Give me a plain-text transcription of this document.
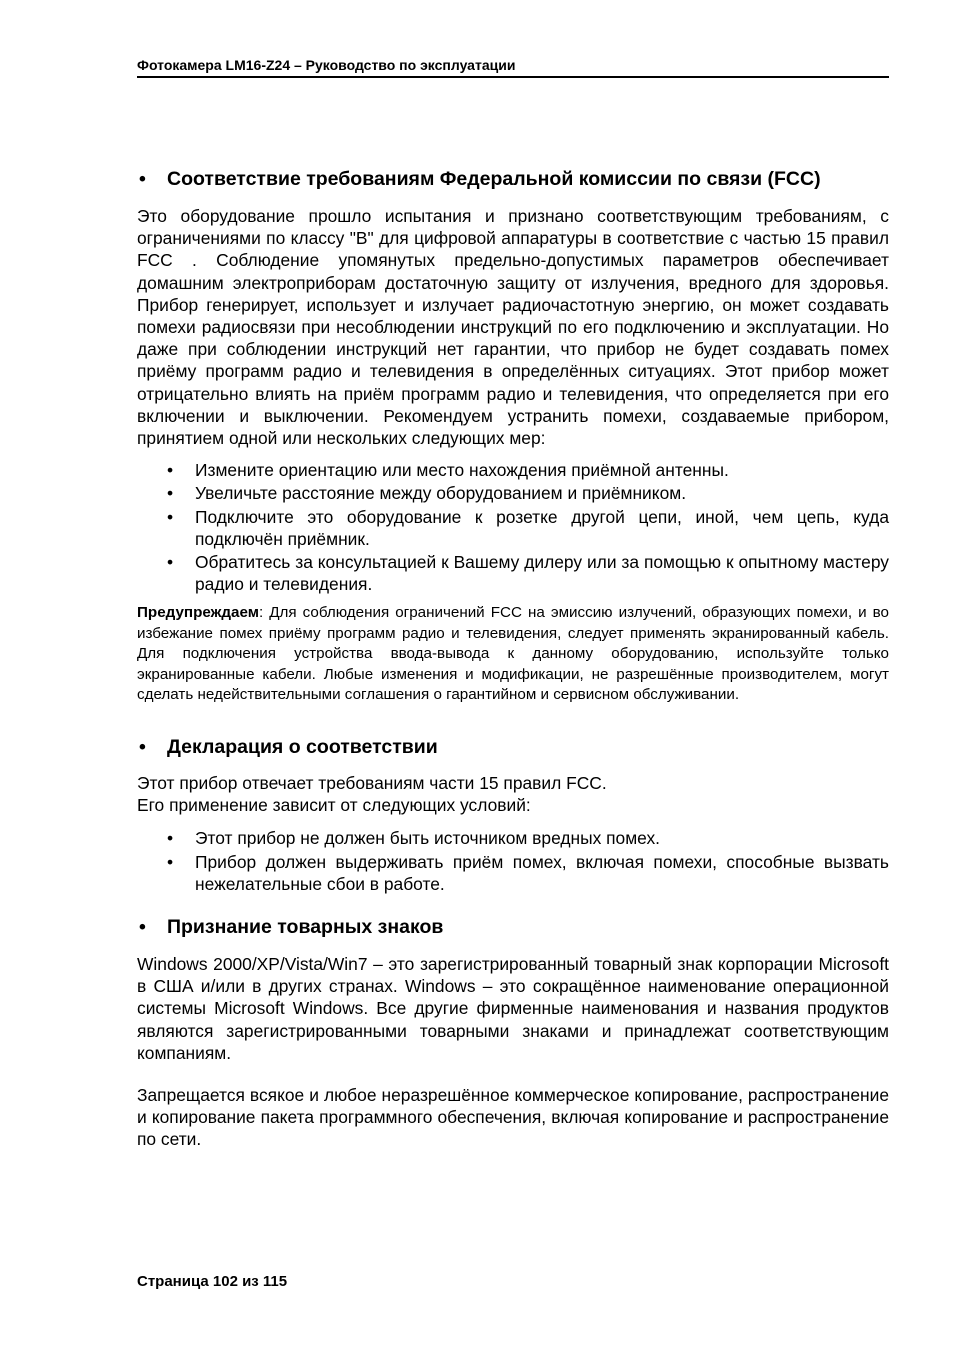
Фотокамера LM16-Z24 – Руководство по эксплуатации
• Соответствие требованиям Федеральной комиссии по связи (FCC)

Это оборудование прошло испытания и признано соответствующим требованиям, с ограничениями по классу "B" для цифровой аппаратуры в соответствие с частью 15 правил FCC . Соблюдение упомянутых предельно-допустимых параметров обеспечивает домашним электроприборам достаточную защиту от излучения, вредного для здоровья. Прибор генерирует, использует и излучает радиочастотную энергию, он может создавать помехи радиосвязи при несоблюдении инструкций по его подключению и эксплуатации. Но даже при соблюдении инструкций нет гарантии, что прибор не будет создавать помех приёму программ радио и телевидения в определённых ситуациях. Этот прибор может отрицательно влиять на приём программ радио и телевидения, что определяется при его включении и выключении. Рекомендуем устранить помехи, создаваемые прибором, принятием одной или нескольких следующих мер:

• Измените ориентацию или место нахождения приёмной антенны.
• Увеличьте расстояние между оборудованием и приёмником.
• Подключите это оборудование к розетке другой цепи, иной, чем цепь, куда подключён приёмник.
• Обратитесь за консультацией к Вашему дилеру или за помощью к опытному мастеру радио и телевидения.

Предупреждаем: Для соблюдения ограничений FCC на эмиссию излучений, образующих помехи, и во избежание помех приёму программ радио и телевидения, следует применять экранированный кабель. Для подключения устройства ввода-вывода к данному оборудованию, используйте только экранированные кабели. Любые изменения и модификации, не разрешённые производителем, могут сделать недействительными соглашения о гарантийном и сервисном обслуживании.

• Декларация о соответствии

Этот прибор отвечает требованиям части 15 правил FCC.

Его применение зависит от следующих условий:

• Этот прибор не должен быть источником вредных помех.
• Прибор должен выдерживать приём помех, включая помехи, способные вызвать нежелательные сбои в работе.
• Признание товарных знаков

Windows 2000/XP/Vista/Win7 – это зарегистрированный товарный знак корпорации Microsoft в США и/или в других странах. Windows – это сокращённое наименование операционной системы Microsoft Windows. Все другие фирменные наименования и названия продуктов являются зарегистрированными товарными знаками и принадлежат соответствующим компаниям.

Запрещается всякое и любое неразрешённое коммерческое копирование, распространение и копирование пакета программного обеспечения, включая копирование и распространение по сети.

Страница 102 из 115
